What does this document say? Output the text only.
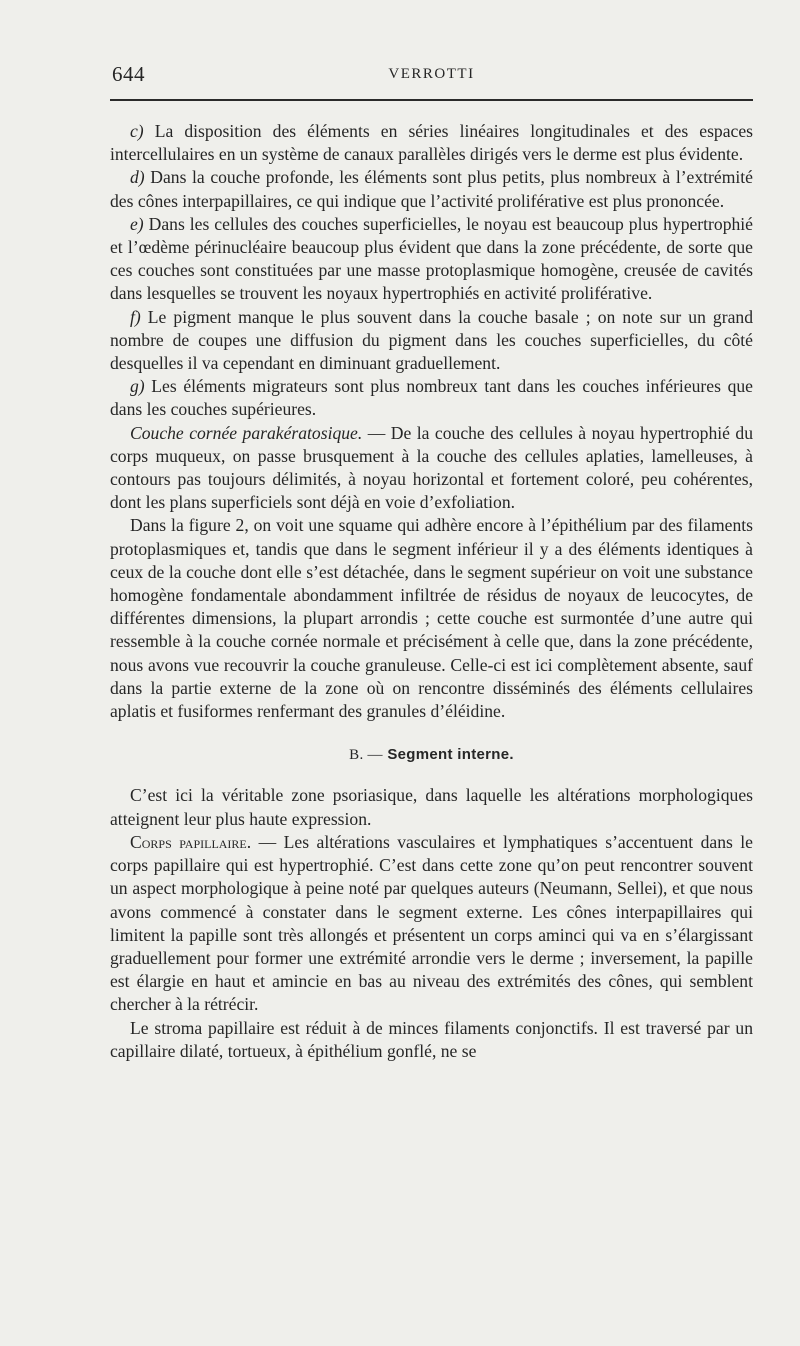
644	VERROTTI

c) La disposition des éléments en séries linéaires longitudinales et des espaces intercellulaires en un système de canaux parallèles dirigés vers le derme est plus évidente.

d) Dans la couche profonde, les éléments sont plus petits, plus nombreux à l’extrémité des cônes interpapillaires, ce qui indique que l’activité proliférative est plus prononcée.

e) Dans les cellules des couches superficielles, le noyau est beaucoup plus hypertrophié et l’œdème périnucléaire beaucoup plus évident que dans la zone précédente, de sorte que ces couches sont constituées par une masse protoplasmique homogène, creusée de cavités dans lesquelles se trouvent les noyaux hypertrophiés en activité proliférative.

f) Le pigment manque le plus souvent dans la couche basale ; on note sur un grand nombre de coupes une diffusion du pigment dans les couches superficielles, du côté desquelles il va cependant en diminuant graduellement.

g) Les éléments migrateurs sont plus nombreux tant dans les couches inférieures que dans les couches supérieures.

Couche cornée parakératosique. — De la couche des cellules à noyau hypertrophié du corps muqueux, on passe brusquement à la couche des cellules aplaties, lamelleuses, à contours pas toujours délimités, à noyau horizontal et fortement coloré, peu cohérentes, dont les plans superficiels sont déjà en voie d’exfoliation.

Dans la figure 2, on voit une squame qui adhère encore à l’épithélium par des filaments protoplasmiques et, tandis que dans le segment inférieur il y a des éléments identiques à ceux de la couche dont elle s’est détachée, dans le segment supérieur on voit une substance homogène fondamentale abondamment infiltrée de résidus de noyaux de leucocytes, de différentes dimensions, la plupart arrondis ; cette couche est surmontée d’une autre qui ressemble à la couche cornée normale et précisément à celle que, dans la zone précédente, nous avons vue recouvrir la couche granuleuse. Celle-ci est ici complètement absente, sauf dans la partie externe de la zone où on rencontre disséminés des éléments cellulaires aplatis et fusiformes renfermant des granules d’éléidine.

B. — Segment interne.

C’est ici la véritable zone psoriasique, dans laquelle les altérations morphologiques atteignent leur plus haute expression.

Corps papillaire. — Les altérations vasculaires et lymphatiques s’accentuent dans le corps papillaire qui est hypertrophié. C’est dans cette zone qu’on peut rencontrer souvent un aspect morphologique à peine noté par quelques auteurs (Neumann, Sellei), et que nous avons commencé à constater dans le segment externe. Les cônes interpapillaires qui limitent la papille sont très allongés et présentent un corps aminci qui va en s’élargissant graduellement pour former une extrémité arrondie vers le derme ; inversement, la papille est élargie en haut et amincie en bas au niveau des extrémités des cônes, qui semblent chercher à la rétrécir.

Le stroma papillaire est réduit à de minces filaments conjonctifs. Il est traversé par un capillaire dilaté, tortueux, à épithélium gonflé, ne se
